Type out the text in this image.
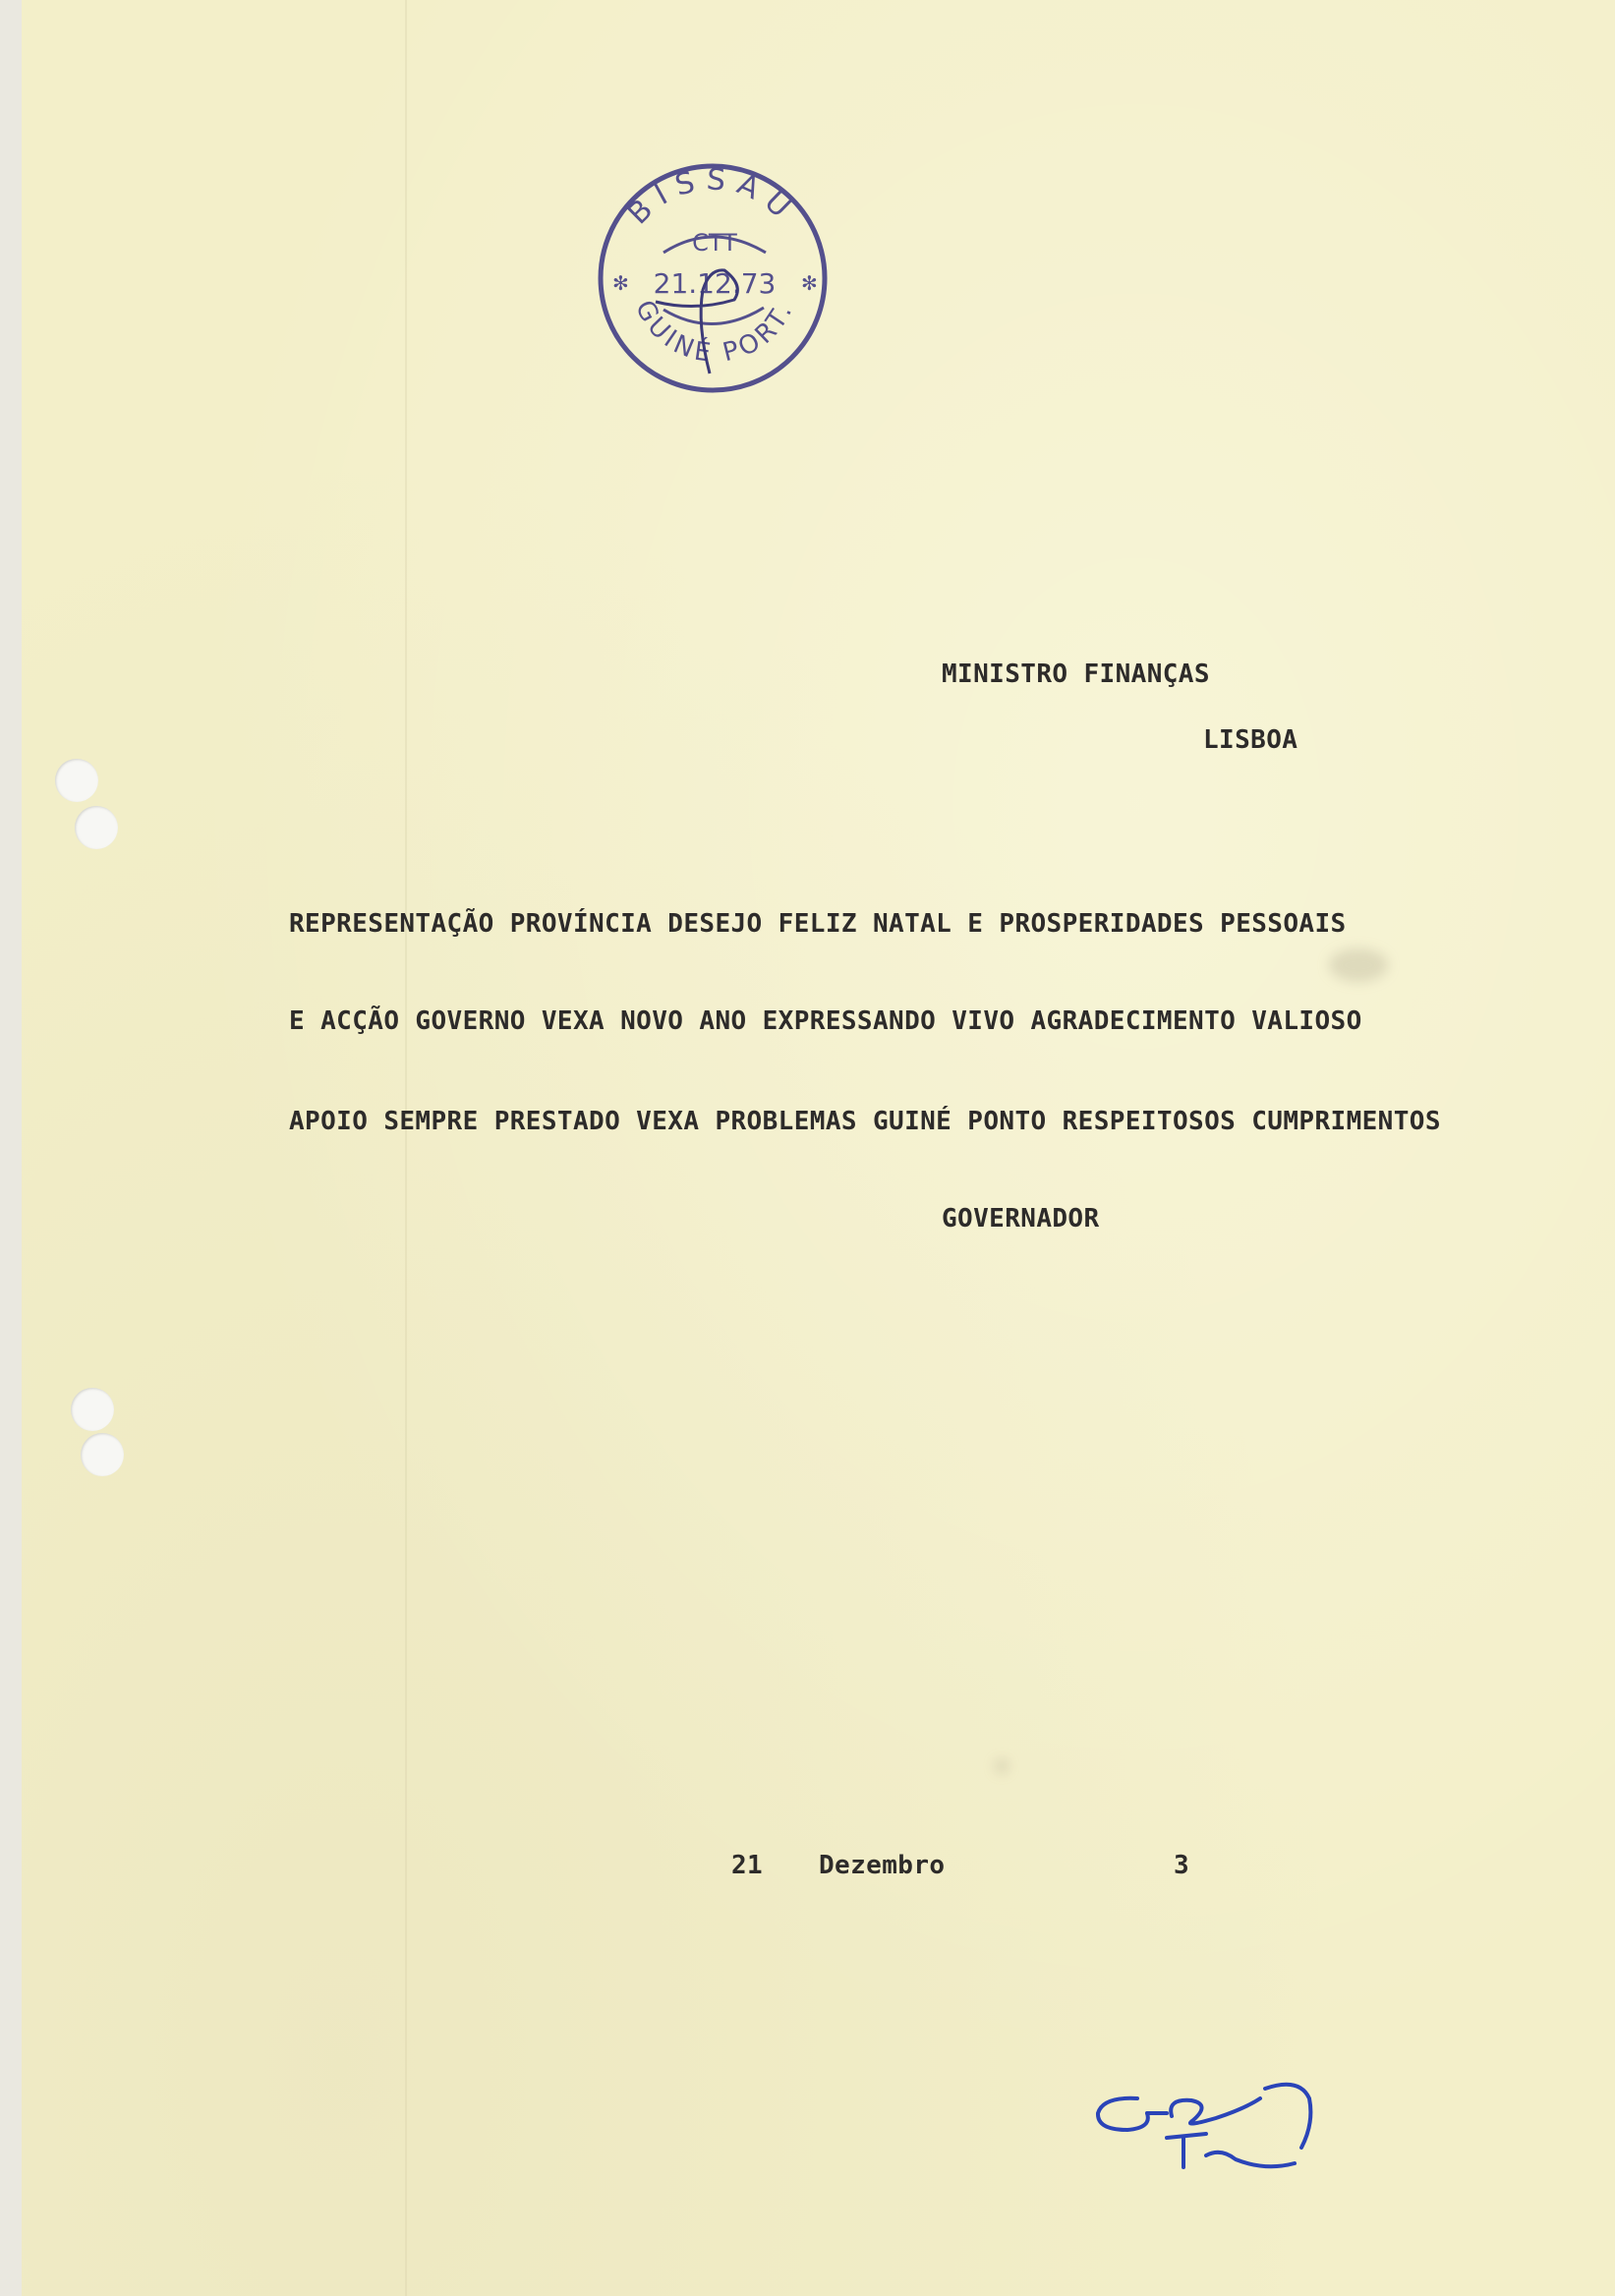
BISSAU
GUINÉ PORT.
CTT
21.12.73
✻	✻
MINISTRO FINANÇAS
LISBOA
REPRESENTAÇÃO PROVÍNCIA DESEJO FELIZ NATAL E PROSPERIDADES PESSOAIS
E ACÇÃO GOVERNO VEXA NOVO ANO EXPRESSANDO VIVO AGRADECIMENTO VALIOSO
APOIO SEMPRE PRESTADO VEXA PROBLEMAS GUINÉ PONTO RESPEITOSOS CUMPRIMENTOS
GOVERNADOR
21 Dezembro	3
